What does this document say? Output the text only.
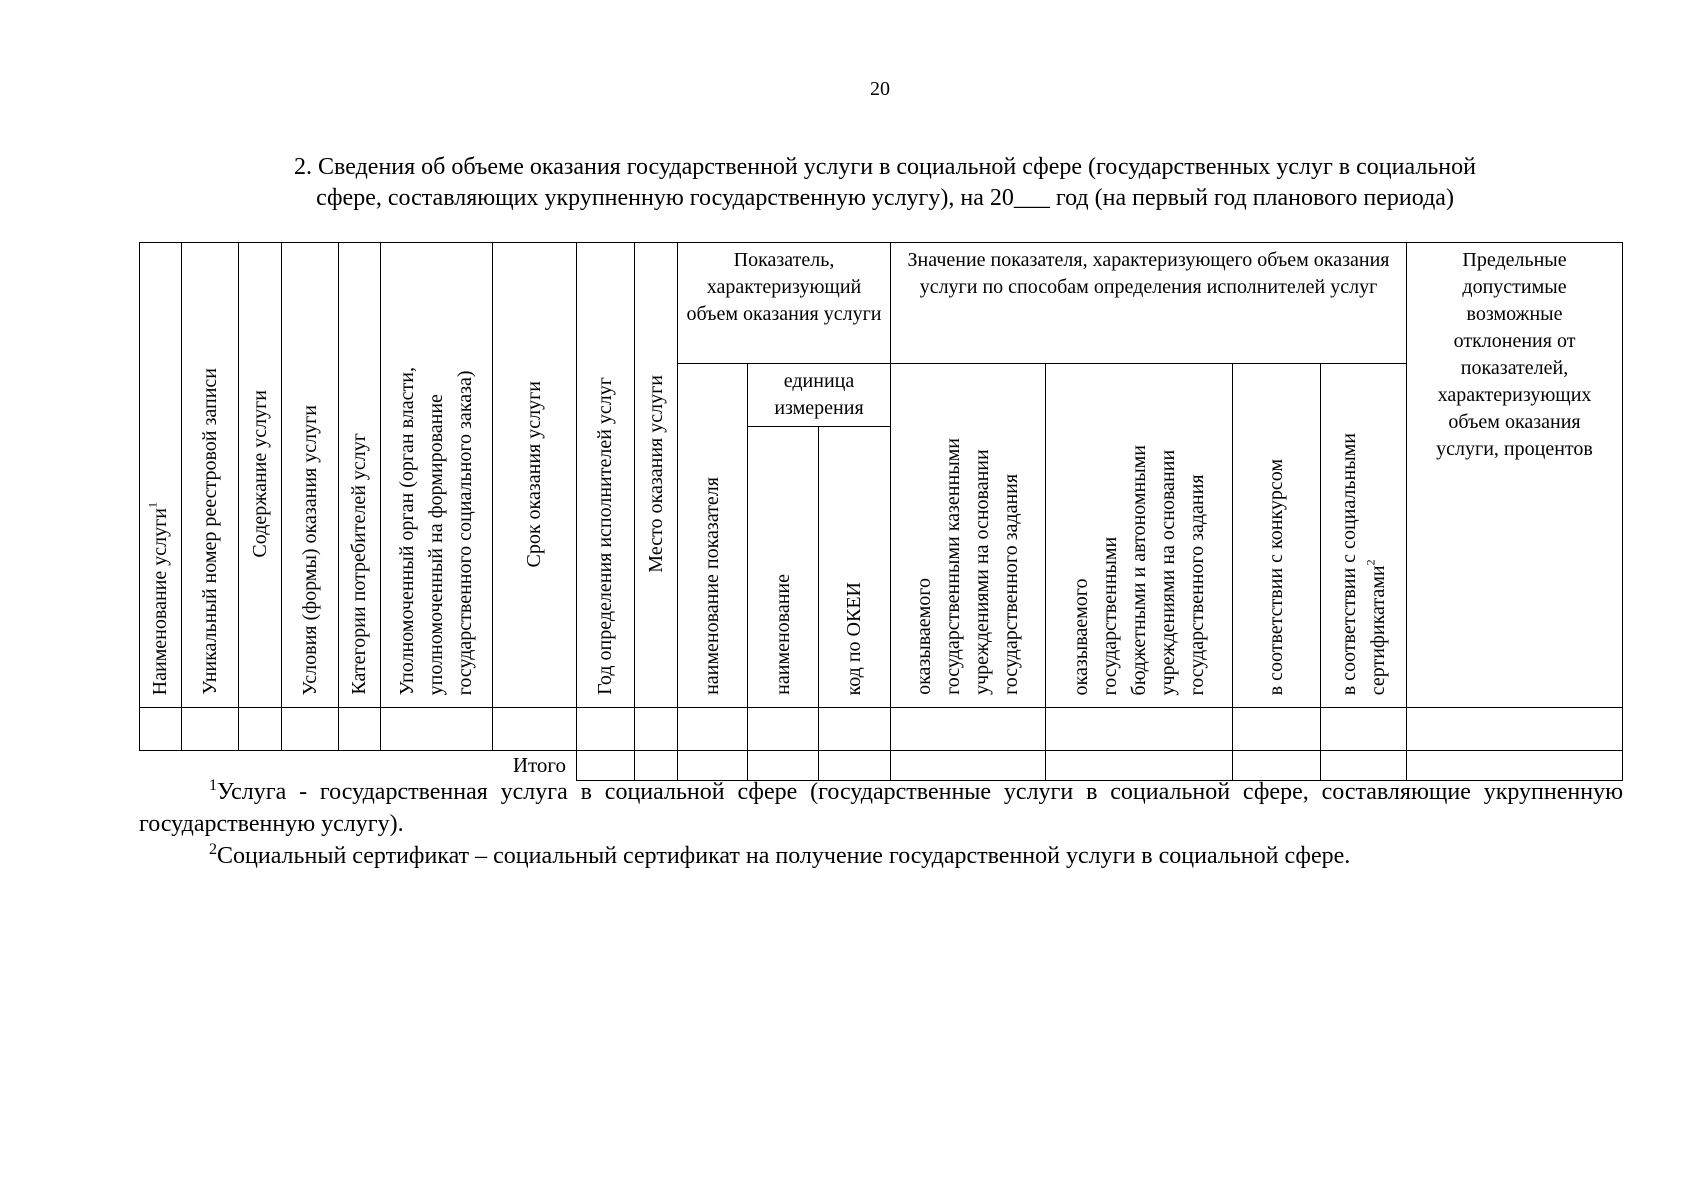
20
2. Сведения об объеме оказания государственной услуги в социальной сфере (государственных услуг в социальной
сфере, составляющих укрупненную государственную услугу), на 20___ год (на первый год планового периода)
Наименование услуги$^1$	Уникальный номер реестровой записи	Содержание услуги	Условия (формы) оказания услуги	Категории потребителей услуг	Уполномоченный орган (орган власти, уполномоченный на формирование государственного социального заказа)	Срок оказания услуги	Год определения исполнителей услуг	Место оказания услуги	Показатель, характеризующий объем оказания услуги			Значение показателя, характеризующего объем оказания услуги по способам определения исполнителей услуг				Предельные допустимые возможные отклонения от показателей, характеризующих объем оказания услуги, процентов

									наименование показателя	единица измерения		оказываемого государственными казенными учреждениями на основании государственного задания	оказываемого государственными бюджетными и автономными учреждениями на основании государственного задания	в соответствии с конкурсом	в соответствии с социальными сертификатами$^2$
										наименование	код по ОКЕИ					

					Итого											

$^1$Услуга - государственная услуга в социальной сфере (государственные услуги в социальной сфере, составляющие укрупненную государственную услугу).

$^2$Социальный сертификат – социальный сертификат на получение государственной услуги в социальной сфере.
